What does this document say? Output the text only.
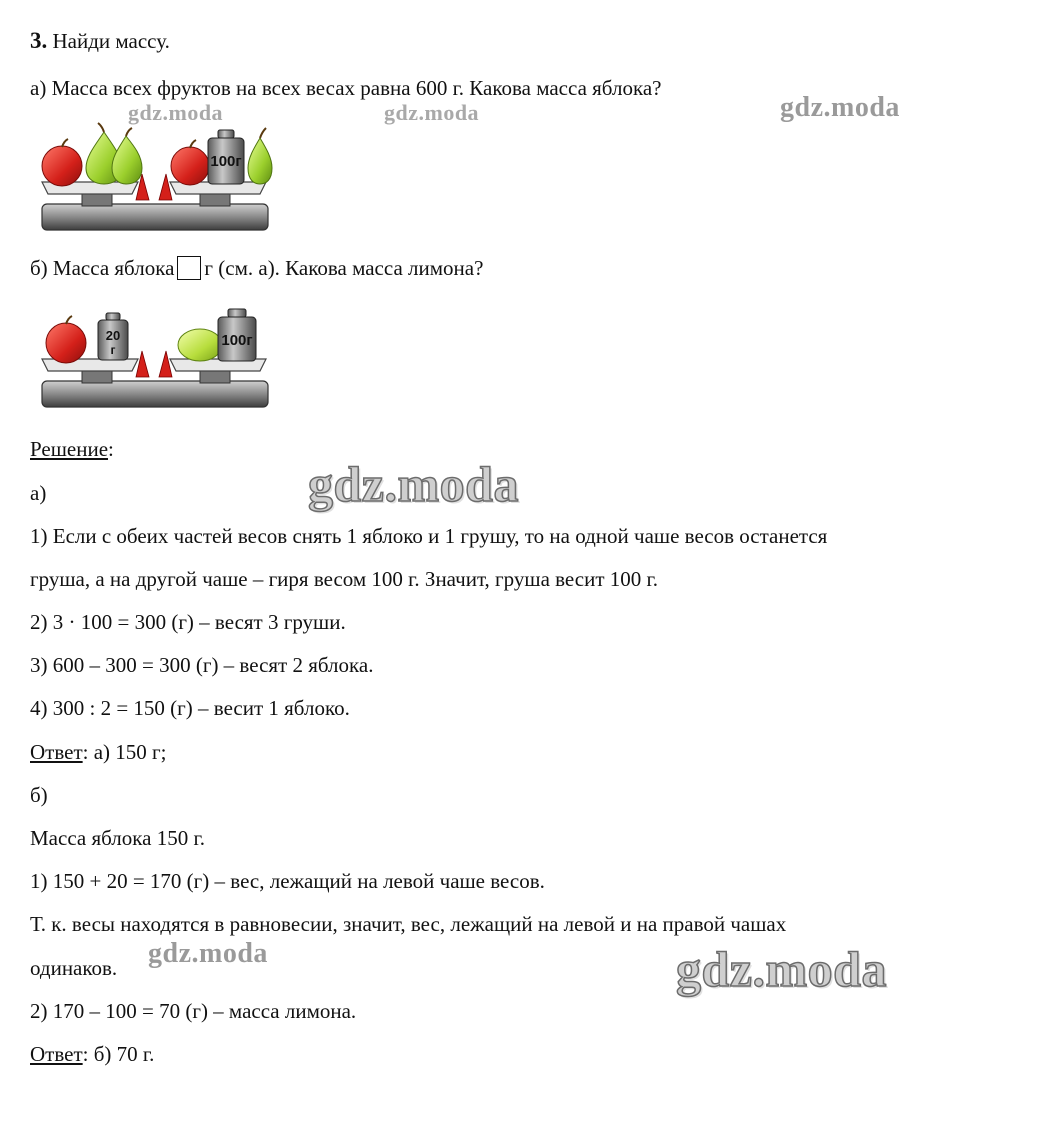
3. Найди массу.
а) Масса всех фруктов на всех весах равна 600 г. Какова масса яблока?
100г
б) Масса яблока г (см. а). Какова масса лимона?
20
г
100г
Решение:
а)
1) Если с обеих частей весов снять 1 яблоко и 1 грушу, то на одной чаше весов останется
груша, а на другой чаше – гиря весом 100 г. Значит, груша весит 100 г.
2) 3 · 100 = 300 (г) – весят 3 груши.
3) 600 – 300 = 300 (г) – весят 2 яблока.
4) 300 : 2 = 150 (г) – весит 1 яблоко.
Ответ: а) 150 г;
б)
Масса яблока 150 г.
1) 150 + 20 = 170 (г) – вес, лежащий на левой чаше весов.
Т. к. весы находятся в равновесии, значит, вес, лежащий на левой и на правой чашах
одинаков.
2) 170 – 100 = 70 (г) – масса лимона.
Ответ: б) 70 г.
gdz.moda	gdz.moda	gdz.moda
gdz.moda
gdz.moda	gdz.moda
